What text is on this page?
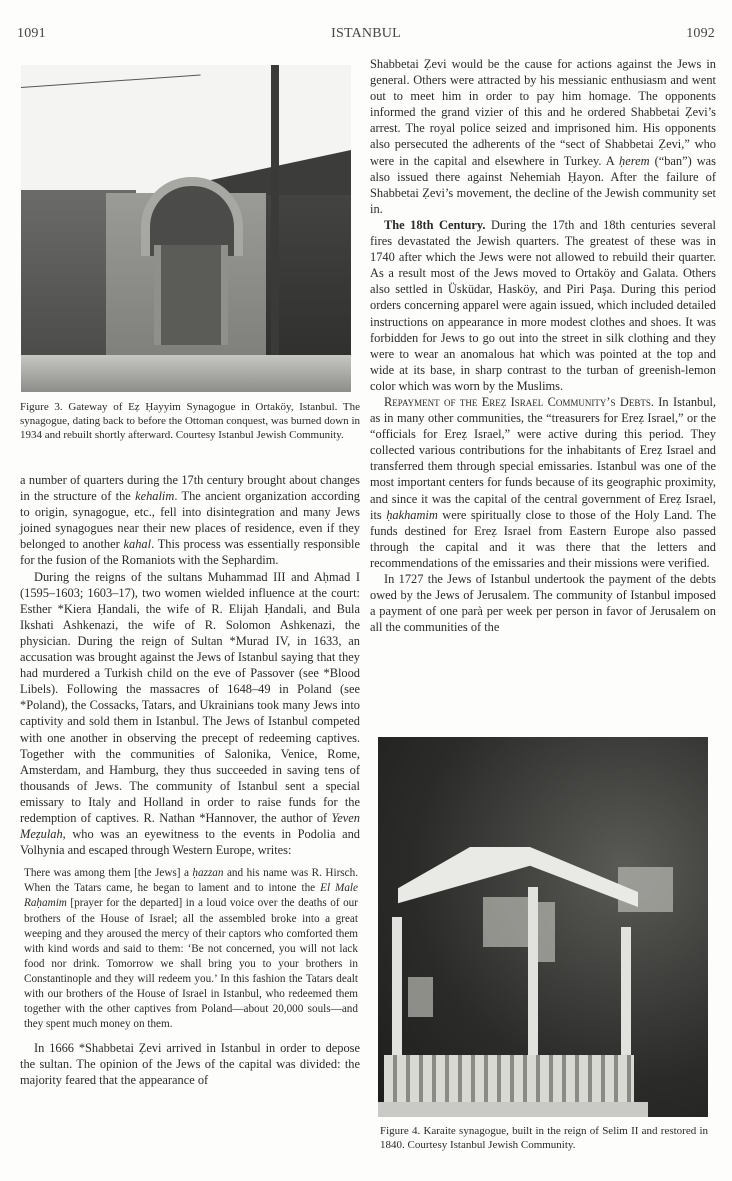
1091	ISTANBUL	1092

Figure 3. Gateway of Eẓ Ḥayyim Synagogue in Ortaköy, Istanbul. The synagogue, dating back to before the Ottoman conquest, was burned down in 1934 and rebuilt shortly afterward. Courtesy Istanbul Jewish Community.

a number of quarters during the 17th century brought about changes in the structure of the kehalim. The ancient organization according to origin, synagogue, etc., fell into disintegration and many Jews joined synagogues near their new places of residence, even if they belonged to another kahal. This process was essentially responsible for the fusion of the Romaniots with the Sephardim.

During the reigns of the sultans Muhammad III and Aḥmad I (1595–1603; 1603–17), two women wielded influence at the court: Esther *Kiera Ḥandali, the wife of R. Elijah Ḥandali, and Bula Ikshati Ashkenazi, the wife of R. Solomon Ashkenazi, the physician. During the reign of Sultan *Murad IV, in 1633, an accusation was brought against the Jews of Istanbul saying that they had murdered a Turkish child on the eve of Passover (see *Blood Libels). Following the massacres of 1648–49 in Poland (see *Poland), the Cossacks, Tatars, and Ukrainians took many Jews into captivity and sold them in Istanbul. The Jews of Istanbul competed with one another in observing the precept of redeeming captives. Together with the communities of Salonika, Venice, Rome, Amsterdam, and Hamburg, they thus succeeded in saving tens of thousands of Jews. The community of Istanbul sent a special emissary to Italy and Holland in order to raise funds for the redemption of captives. R. Nathan *Hannover, the author of Yeven Meẓulah, who was an eyewitness to the events in Podolia and Volhynia and escaped through Western Europe, writes:

There was among them [the Jews] a ḥazzan and his name was R. Hirsch. When the Tatars came, he began to lament and to intone the El Male Raḥamim [prayer for the departed] in a loud voice over the deaths of our brothers of the House of Israel; all the assembled broke into a great weeping and they aroused the mercy of their captors who comforted them with kind words and said to them: ‘Be not concerned, you will not lack food nor drink. Tomorrow we shall bring you to your brothers in Constantinople and they will redeem you.’ In this fashion the Tatars dealt with our brothers of the House of Israel in Istanbul, who redeemed them together with the other captives from Poland—about 20,000 souls—and they spent much money on them.

In 1666 *Shabbetai Ẓevi arrived in Istanbul in order to depose the sultan. The opinion of the Jews of the capital was divided: the majority feared that the appearance of

Shabbetai Ẓevi would be the cause for actions against the Jews in general. Others were attracted by his messianic enthusiasm and went out to meet him in order to pay him homage. The opponents informed the grand vizier of this and he ordered Shabbetai Ẓevi’s arrest. The royal police seized and imprisoned him. His opponents also persecuted the adherents of the “sect of Shabbetai Ẓevi,” who were in the capital and elsewhere in Turkey. A ḥerem (“ban”) was also issued there against Nehemiah Ḥayon. After the failure of Shabbetai Ẓevi’s movement, the decline of the Jewish community set in.

The 18th Century. During the 17th and 18th centuries several fires devastated the Jewish quarters. The greatest of these was in 1740 after which the Jews were not allowed to rebuild their quarter. As a result most of the Jews moved to Ortaköy and Galata. Others also settled in Üsküdar, Hasköy, and Piri Paşa. During this period orders concerning apparel were again issued, which included detailed instructions on appearance in more modest clothes and shoes. It was forbidden for Jews to go out into the street in silk clothing and they were to wear an anomalous hat which was pointed at the top and wide at its base, in sharp contrast to the turban of greenish-lemon color which was worn by the Muslims.

Repayment of the Ereẓ Israel Community’s Debts. In Istanbul, as in many other communities, the “treasurers for Ereẓ Israel,” or the “officials for Ereẓ Israel,” were active during this period. They collected various contributions for the inhabitants of Ereẓ Israel and transferred them through special emissaries. Istanbul was one of the most important centers for funds because of its geographic proximity, and since it was the capital of the central government of Ereẓ Israel, its ḥakhamim were spiritually close to those of the Holy Land. The funds destined for Ereẓ Israel from Eastern Europe also passed through the capital and it was there that the letters and recommendations of the emissaries and their missions were verified.

In 1727 the Jews of Istanbul undertook the payment of the debts owed by the Jews of Jerusalem. The community of Istanbul imposed a payment of one parà per week per person in favor of Jerusalem on all the communities of the

Figure 4. Karaite synagogue, built in the reign of Selim II and restored in 1840. Courtesy Istanbul Jewish Community.
